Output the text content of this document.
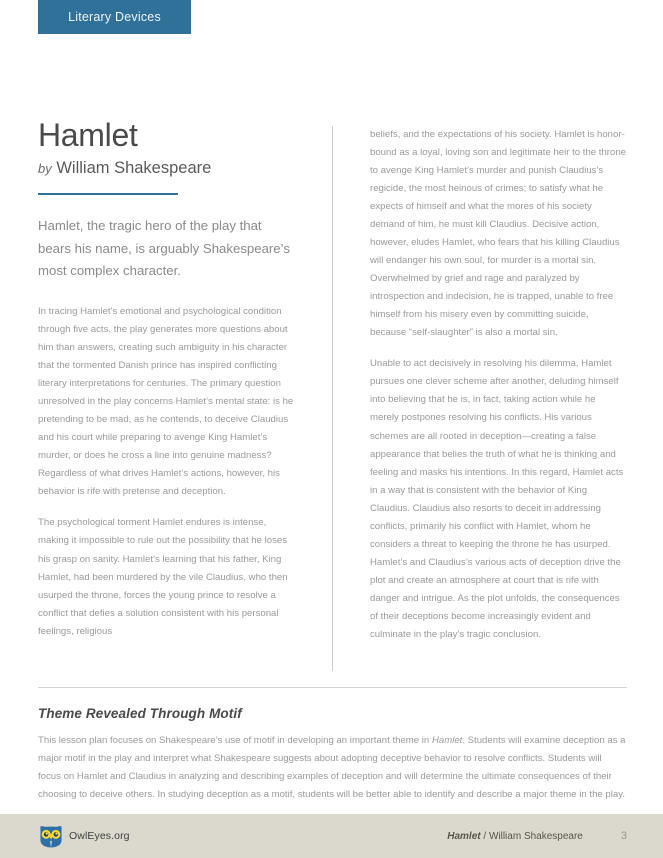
Literary Devices
Hamlet
by William Shakespeare

Hamlet, the tragic hero of the play that bears his name, is arguably Shakespeare’s most complex character.

In tracing Hamlet’s emotional and psychological condition through five acts, the play generates more questions about him than answers, creating such ambiguity in his character that the tormented Danish prince has inspired conflicting literary interpretations for centuries. The primary question unresolved in the play concerns Hamlet’s mental state: is he pretending to be mad, as he contends, to deceive Claudius and his court while preparing to avenge King Hamlet’s murder, or does he cross a line into genuine madness? Regardless of what drives Hamlet’s actions, however, his behavior is rife with pretense and deception.

The psychological torment Hamlet endures is intense, making it impossible to rule out the possibility that he loses his grasp on sanity. Hamlet’s learning that his father, King Hamlet, had been murdered by the vile Claudius, who then usurped the throne, forces the young prince to resolve a conflict that defies a solution consistent with his personal feelings, religious

beliefs, and the expectations of his society. Hamlet is honor-bound as a loyal, loving son and legitimate heir to the throne to avenge King Hamlet’s murder and punish Claudius’s regicide, the most heinous of crimes; to satisfy what he expects of himself and what the mores of his society demand of him, he must kill Claudius. Decisive action, however, eludes Hamlet, who fears that his killing Claudius will endanger his own soul, for murder is a mortal sin. Overwhelmed by grief and rage and paralyzed by introspection and indecision, he is trapped, unable to free himself from his misery even by committing suicide, because “self-slaughter” is also a mortal sin.

Unable to act decisively in resolving his dilemma, Hamlet pursues one clever scheme after another, deluding himself into believing that he is, in fact, taking action while he merely postpones resolving his conflicts. His various schemes are all rooted in deception—creating a false appearance that belies the truth of what he is thinking and feeling and masks his intentions. In this regard, Hamlet acts in a way that is consistent with the behavior of King Claudius. Claudius also resorts to deceit in addressing conflicts, primarily his conflict with Hamlet, whom he considers a threat to keeping the throne he has usurped. Hamlet’s and Claudius’s various acts of deception drive the plot and create an atmosphere at court that is rife with danger and intrigue. As the plot unfolds, the consequences of their deceptions become increasingly evident and culminate in the play’s tragic conclusion.

Theme Revealed Through Motif

This lesson plan focuses on Shakespeare’s use of motif in developing an important theme in Hamlet. Students will examine deception as a major motif in the play and interpret what Shakespeare suggests about adopting deceptive behavior to resolve conflicts. Students will focus on Hamlet and Claudius in analyzing and describing examples of deception and will determine the ultimate consequences of their choosing to deceive others. In studying deception as a motif, students will be better able to identify and describe a major theme in the play.

OwlEyes.org	Hamlet / William Shakespeare	3
